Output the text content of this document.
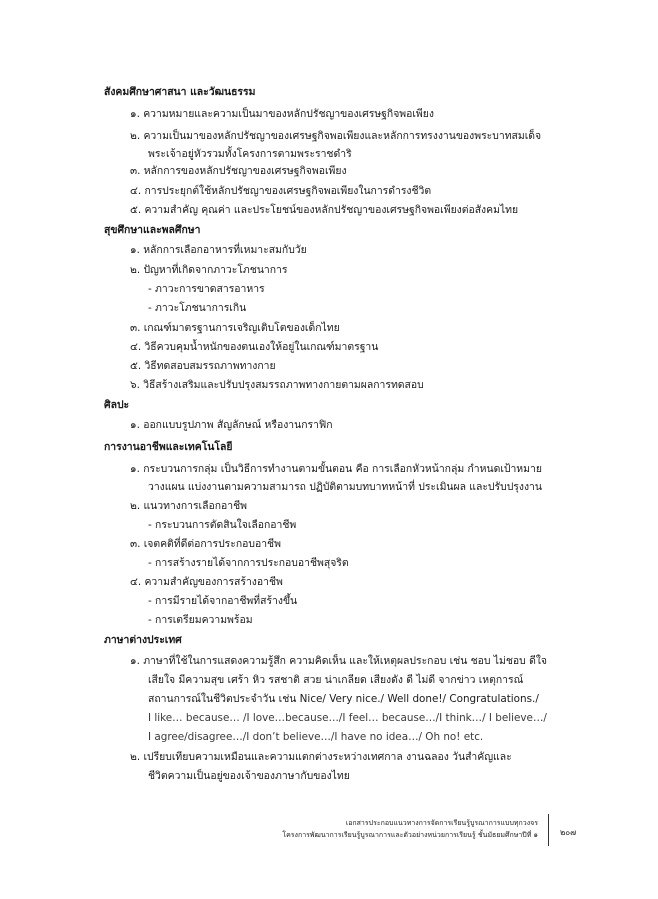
สังคมศึกษาศาสนา และวัฒนธรรม
๑. ความหมายและความเป็นมาของหลักปรัชญาของเศรษฐกิจพอเพียง
๒. ความเป็นมาของหลักปรัชญาของเศรษฐกิจพอเพียงและหลักการทรงงานของพระบาทสมเด็จ
พระเจ้าอยู่หัวรวมทั้งโครงการตามพระราชดำริ
๓. หลักการของหลักปรัชญาของเศรษฐกิจพอเพียง
๔. การประยุกต์ใช้หลักปรัชญาของเศรษฐกิจพอเพียงในการดำรงชีวิต
๕. ความสำคัญ คุณค่า และประโยชน์ของหลักปรัชญาของเศรษฐกิจพอเพียงต่อสังคมไทย
สุขศึกษาและพลศึกษา
๑. หลักการเลือกอาหารที่เหมาะสมกับวัย
๒. ปัญหาที่เกิดจากภาวะโภชนาการ
- ภาวะการขาดสารอาหาร
- ภาวะโภชนาการเกิน
๓. เกณฑ์มาตรฐานการเจริญเติบโตของเด็กไทย
๔. วิธีควบคุมน้ำหนักของตนเองให้อยู่ในเกณฑ์มาตรฐาน
๕. วิธีทดสอบสมรรถภาพทางกาย
๖. วิธีสร้างเสริมและปรับปรุงสมรรถภาพทางกายตามผลการทดสอบ
ศิลปะ
๑. ออกแบบรูปภาพ สัญลักษณ์ หรืองานกราฟิก
การงานอาชีพและเทคโนโลยี
๑. กระบวนการกลุ่ม เป็นวิธีการทำงานตามขั้นตอน คือ การเลือกหัวหน้ากลุ่ม กำหนดเป้าหมาย
วางแผน แบ่งงานตามความสามารถ ปฏิบัติตามบทบาทหน้าที่ ประเมินผล และปรับปรุงงาน
๒. แนวทางการเลือกอาชีพ
- กระบวนการตัดสินใจเลือกอาชีพ
๓. เจตคติที่ดีต่อการประกอบอาชีพ
- การสร้างรายได้จากการประกอบอาชีพสุจริต
๔. ความสำคัญของการสร้างอาชีพ
- การมีรายได้จากอาชีพที่สร้างขึ้น
- การเตรียมความพร้อม
ภาษาต่างประเทศ
๑. ภาษาที่ใช้ในการแสดงความรู้สึก ความคิดเห็น และให้เหตุผลประกอบ เช่น ชอบ ไม่ชอบ ดีใจ
เสียใจ มีความสุข เศร้า หิว รสชาติ สวย น่าเกลียด เสียงดัง ดี ไม่ดี จากข่าว เหตุการณ์
สถานการณ์ในชีวิตประจำวัน เช่น Nice/ Very nice./ Well done!/ Congratulations./
I like… because… /I love…because…/I feel… because…/I think…/ I believe…/
I agree/disagree…/I don’t believe…/I have no idea…/ Oh no! etc.
๒. เปรียบเทียบความเหมือนและความแตกต่างระหว่างเทศกาล งานฉลอง วันสำคัญและ
ชีวิตความเป็นอยู่ของเจ้าของภาษากับของไทย
เอกสารประกอบแนวทางการจัดการเรียนรู้บูรณาการแบบทุกวงจร
โครงการพัฒนาการเรียนรู้บูรณาการและตัวอย่างหน่วยการเรียนรู้ ชั้นมัธยมศึกษาปีที่ ๑	๒๐๗
